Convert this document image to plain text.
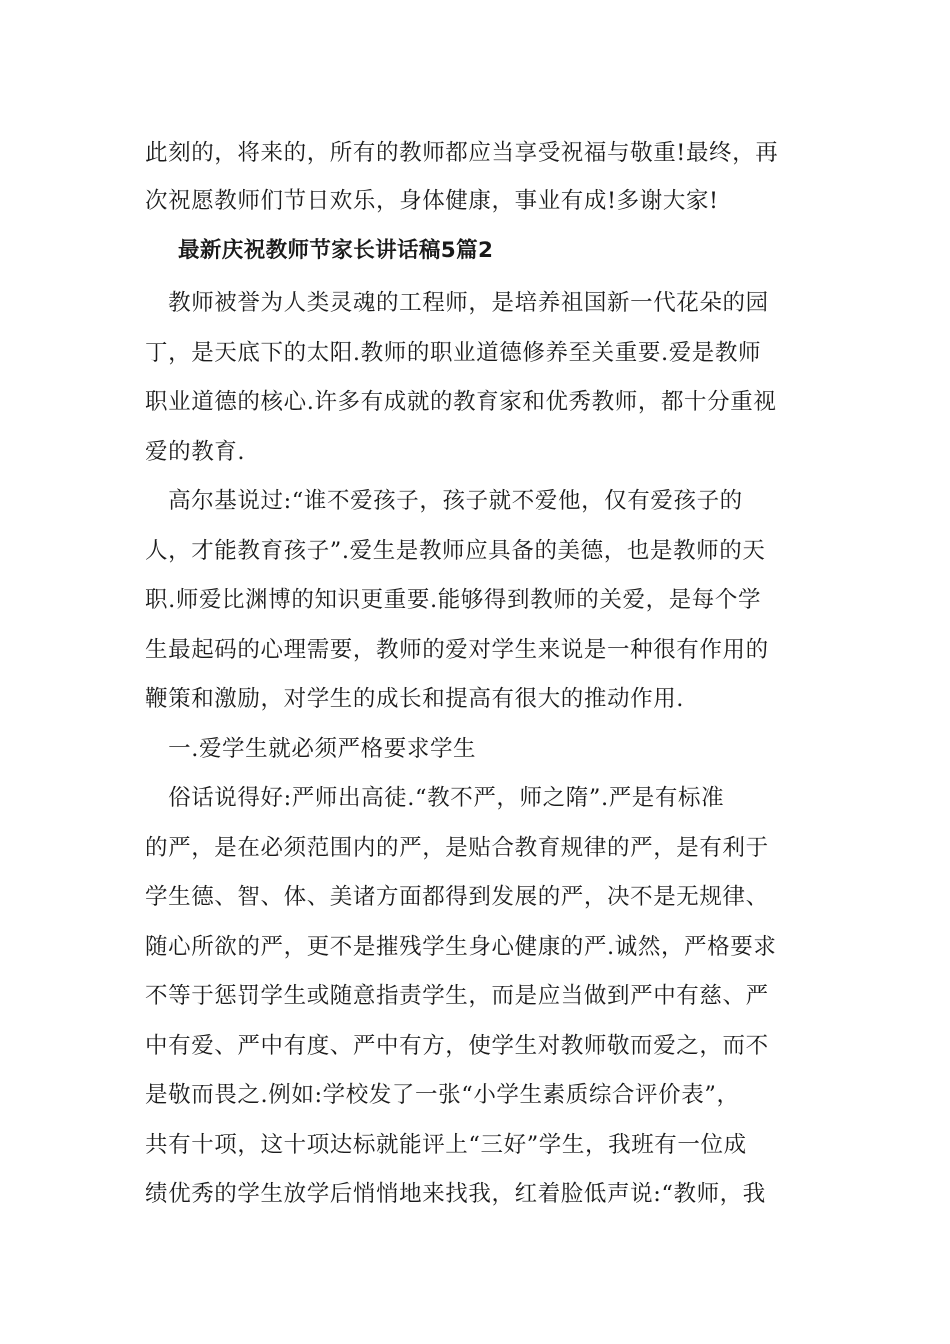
此刻的，将来的，所有的教师都应当享受祝福与敬重!最终，再
次祝愿教师们节日欢乐，身体健康，事业有成!多谢大家!
最新庆祝教师节家长讲话稿5篇2
　教师被誉为人类灵魂的工程师，是培养祖国新一代花朵的园
丁，是天底下的太阳.教师的职业道德修养至关重要.爱是教师
职业道德的核心.许多有成就的教育家和优秀教师，都十分重视
爱的教育.
　高尔基说过:“谁不爱孩子，孩子就不爱他，仅有爱孩子的
人，才能教育孩子”.爱生是教师应具备的美德，也是教师的天
职.师爱比渊博的知识更重要.能够得到教师的关爱，是每个学
生最起码的心理需要，教师的爱对学生来说是一种很有作用的
鞭策和激励，对学生的成长和提高有很大的推动作用.
　一.爱学生就必须严格要求学生
　俗话说得好:严师出高徒.“教不严，师之隋”.严是有标准
的严，是在必须范围内的严，是贴合教育规律的严，是有利于
学生德、智、体、美诸方面都得到发展的严，决不是无规律、
随心所欲的严，更不是摧残学生身心健康的严.诚然，严格要求
不等于惩罚学生或随意指责学生，而是应当做到严中有慈、严
中有爱、严中有度、严中有方，使学生对教师敬而爱之，而不
是敬而畏之.例如:学校发了一张“小学生素质综合评价表”，
共有十项，这十项达标就能评上“三好”学生，我班有一位成
绩优秀的学生放学后悄悄地来找我，红着脸低声说:“教师，我
